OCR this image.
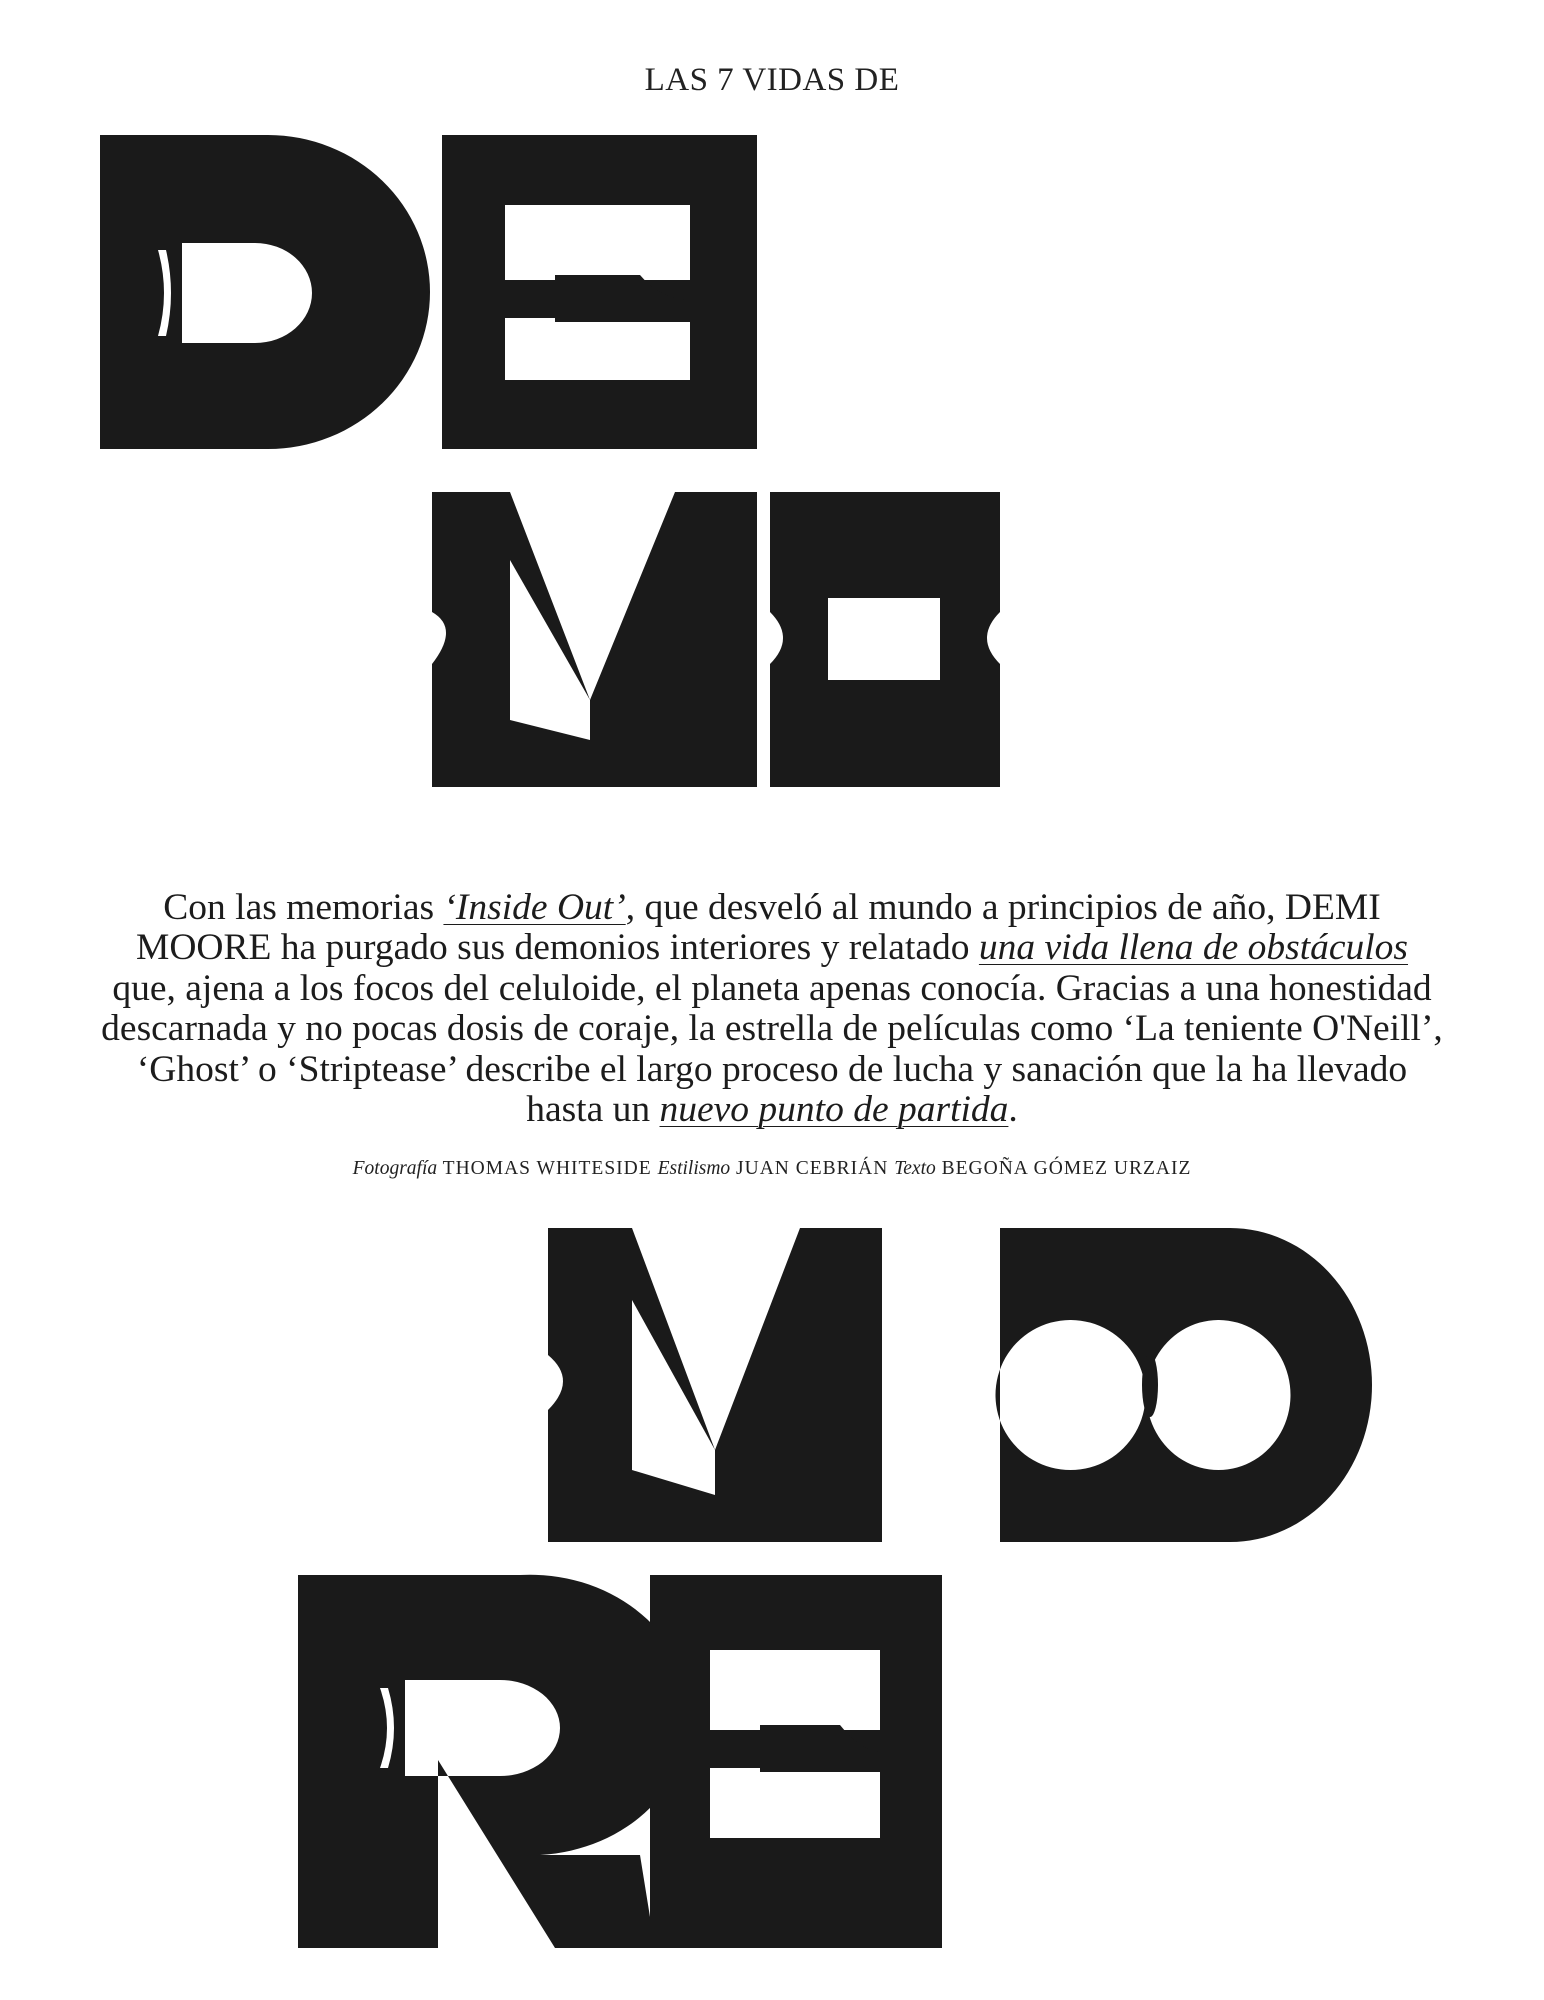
LAS 7 VIDAS DE

Con las memorias ‘Inside Out’, que desveló al mundo a principios de año, DEMI MOORE ha purgado sus demonios interiores y relatado una vida llena de obstáculos que, ajena a los focos del celuloide, el planeta apenas conocía. Gracias a una honestidad descarnada y no pocas dosis de coraje, la estrella de películas como ‘La teniente O'Neill’, ‘Ghost’ o ‘Striptease’ describe el largo proceso de lucha y sanación que la ha llevado hasta un nuevo punto de partida.

Fotografía THOMAS WHITESIDE Estilismo JUAN CEBRIÁN Texto BEGOÑA GÓMEZ URZAIZ
